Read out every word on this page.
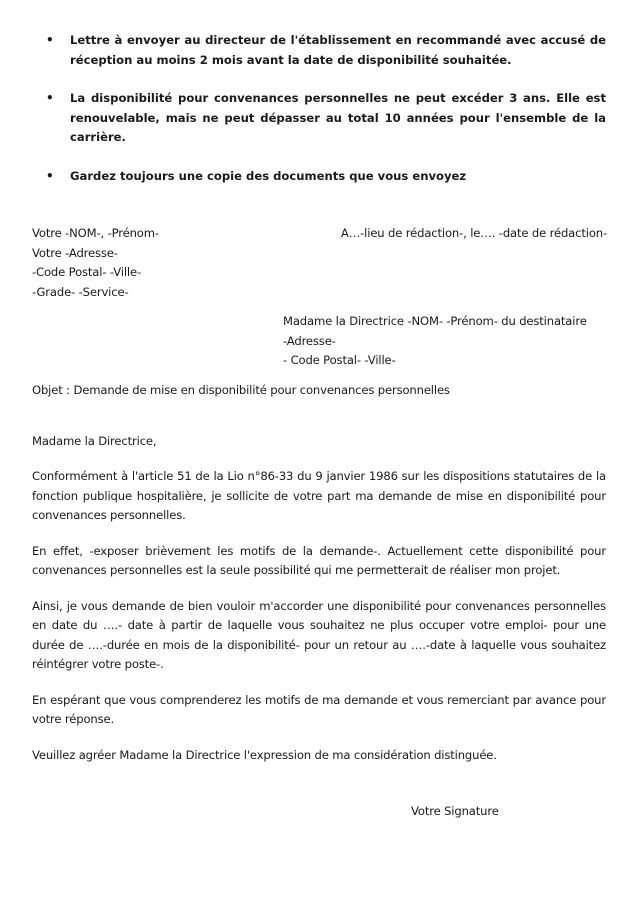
• Lettre à envoyer au directeur de l'établissement en recommandé avec accusé de réception au moins 2 mois avant la date de disponibilité souhaitée.
• La disponibilité pour convenances personnelles ne peut excéder 3 ans. Elle est renouvelable, mais ne peut dépasser au total 10 années pour l'ensemble de la carrière.
• Gardez toujours une copie des documents que vous envoyez
Votre -NOM-, -Prénom-
Votre -Adresse-
-Code Postal- -Ville-
-Grade- -Service-
A…-lieu de rédaction-, le…. -date de rédaction-
Madame la Directrice -NOM- -Prénom- du destinataire
-Adresse-
- Code Postal- -Ville-
Objet : Demande de mise en disponibilité pour convenances personnelles
Madame la Directrice,

Conformément à l'article 51 de la Lio n°86-33 du 9 janvier 1986 sur les dispositions statutaires de la fonction publique hospitalière, je sollicite de votre part ma demande de mise en disponibilité pour convenances personnelles.

En effet, -exposer brièvement les motifs de la demande-. Actuellement cette disponibilité pour convenances personnelles est la seule possibilité qui me permetterait de réaliser mon projet.

Ainsi, je vous demande de bien vouloir m'accorder une disponibilité pour convenances personnelles en date du ….- date à partir de laquelle vous souhaitez ne plus occuper votre emploi- pour une durée de ….-durée en mois de la disponibilité- pour un retour au ….-date à laquelle vous souhaitez réintégrer votre poste-.

En espérant que vous comprenderez les motifs de ma demande et vous remerciant par avance pour votre réponse.

Veuillez agréer Madame la Directrice l'expression de ma considération distinguée.

Votre Signature
